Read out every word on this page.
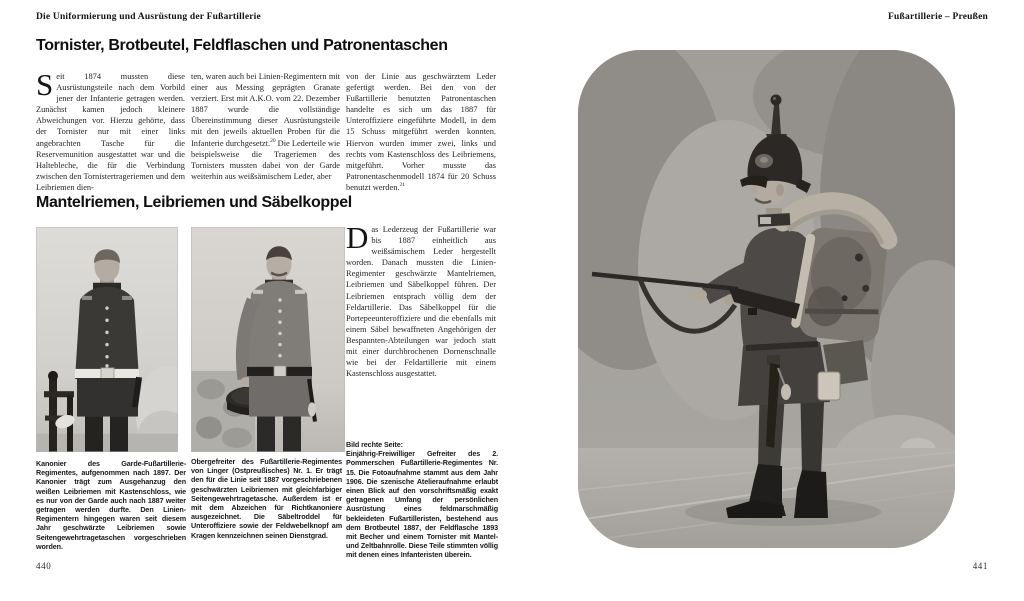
Die Uniformierung und Ausrüstung der Fußartillerie
Tornister, Brotbeutel, Feldflaschen und Patronentaschen
Seit 1874 mussten diese Ausrüstungsteile nach dem Vorbild jener der Infanterie getragen werden. Zunächst kamen jedoch kleinere Abweichungen vor. Hierzu gehörte, dass der Tornister nur mit einer links angebrachten Tasche für die Reservemunition ausgestattet war und die Haltebleche, die für die Verbindung zwischen den Tornistertrageriemen und dem Leibriemen dien-
ten, waren auch bei Linien-Regimentern mit einer aus Messing geprägten Granate verziert. Erst mit A.K.O. vom 22. Dezember 1887 wurde die vollständige Übereinstimmung dieser Ausrüstungsteile mit den jeweils aktuellen Proben für die Infanterie durchgesetzt.$^{20}$ Die Lederteile wie beispielsweise die Trageriemen des Tornisters mussten dabei von der Garde weiterhin aus weißsämischem Leder, aber
von der Linie aus geschwärztem Leder gefertigt werden. Bei den von der Fußartillerie benutzten Patronentaschen handelte es sich um das 1887 für Unteroffiziere eingeführte Modell, in dem 15 Schuss mitgeführt werden konnten. Hiervon wurden immer zwei, links und rechts vom Kastenschloss des Leibriemens, mitgeführt. Vorher musste das Patronentaschenmodell 1874 für 20 Schuss benutzt werden.$^{21}$
Mantelriemen, Leibriemen und Säbelkoppel
Das Lederzeug der Fußartillerie war bis 1887 einheitlich aus weißsämischem Leder hergestellt worden. Danach mussten die Linien-Regimenter geschwärzte Mantelriemen, Leibriemen und Säbelkoppel führen. Der Leibriemen entsprach völlig dem der Feldartillerie. Das Säbelkoppel für die Portepeeunteroffiziere und die ebenfalls mit einem Säbel bewaffneten Angehörigen der Bespannten-Abteilungen war jedoch statt mit einer durchbrochenen Dornenschnalle wie bei der Feldartillerie mit einem Kastenschloss ausgestattet.
Kanonier des Garde-Fußartillerie-Regimentes, aufgenommen nach 1897. Der Kanonier trägt zum Ausgehanzug den weißen Leibriemen mit Kastenschloss, wie es nur von der Garde auch nach 1887 weiter getragen werden durfte. Den Linien-Regimentern hingegen waren seit diesem Jahr geschwärzte Leibriemen sowie Seitengewehrtragetaschen vorgeschrieben worden.
Obergefreiter des Fußartillerie-Regimentes von Linger (Ostpreußisches) Nr. 1. Er trägt den für die Linie seit 1887 vorgeschriebenen geschwärzten Leibriemen mit gleichfarbiger Seitengewehrtragetasche. Außerdem ist er mit dem Abzeichen für Richtkanoniere ausgezeichnet. Die Säbeltroddel für Unteroffiziere sowie der Feldwebelknopf am Kragen kennzeichnen seinen Dienstgrad.
Bild rechte Seite:
Einjährig-Freiwilliger Gefreiter des 2. Pommerschen Fußartillerie-Regimentes Nr. 15. Die Fotoaufnahme stammt aus dem Jahr 1906. Die szenische Atelieraufnahme erlaubt einen Blick auf den vorschriftsmäßig exakt getragenen Umfang der persönlichen Ausrüstung eines feldmarschmäßig bekleideten Fußartilleristen, bestehend aus dem Brotbeutel 1887, der Feldflasche 1893 mit Becher und einem Tornister mit Mantel- und Zeltbahnrolle. Diese Teile stimmten völlig mit denen eines Infanteristen überein.
440
Fußartillerie – Preußen
441
